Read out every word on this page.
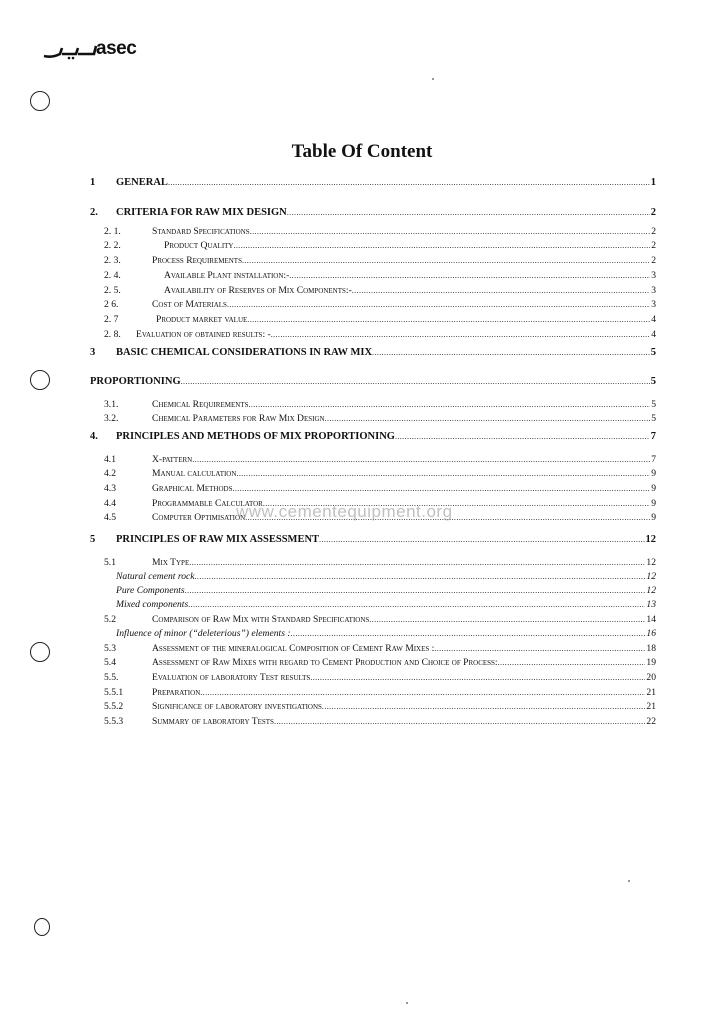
asec
Table Of Content
1 GENERAL .....	1
2. CRITERIA FOR RAW MIX DESIGN .....	2
2. 1.	Standard Specifications .....	2
2. 2.	Product Quality .....	2
2. 3.	Process Requirements .....	2
2. 4.	Available Plant installation:- .....	3
2. 5.	Availability of Reserves of Mix Components:- .....	3
2 6.	Cost of Materials .....	3
2. 7	Product market value .....	4
2. 8. Evaluation of obtained results: - .....	4
3 BASIC CHEMICAL CONSIDERATIONS IN RAW MIX .....	5
PROPORTIONING .....	5
3.1.	Chemical Requirements .....	5
3.2.	Chemical Parameters for Raw Mix Design .....	5
4. PRINCIPLES AND METHODS OF MIX PROPORTIONING .....	7
4.1	X-pattern .....	7
4.2	Manual calculation .....	9
4.3	Graphical Methods .....	9
4.4	Programmable Calculator .....	9
4.5	Computer Optimisation .....	9
5 PRINCIPLES OF RAW MIX ASSESSMENT .....	12
5.1	Mix Type .....	12
Natural cement rock .....	12
Pure Components .....	12
Mixed components .....	13
5.2	Comparison of Raw Mix with Standard Specifications .....	14
Influence of minor (“deleterious”) elements : .....	16
5.3	Assessment of the mineralogical Composition of Cement Raw Mixes : .....	18
5.4	Assessment of Raw Mixes with regard to Cement Production and Choice of Process: .....	19
5.5.	Evaluation of laboratory Test results .....	20
5.5.1	Preparation .....	21
5.5.2	Significance of laboratory investigations .....	21
5.5.3	Summary of laboratory Tests .....	22
www.cementequipment.org
